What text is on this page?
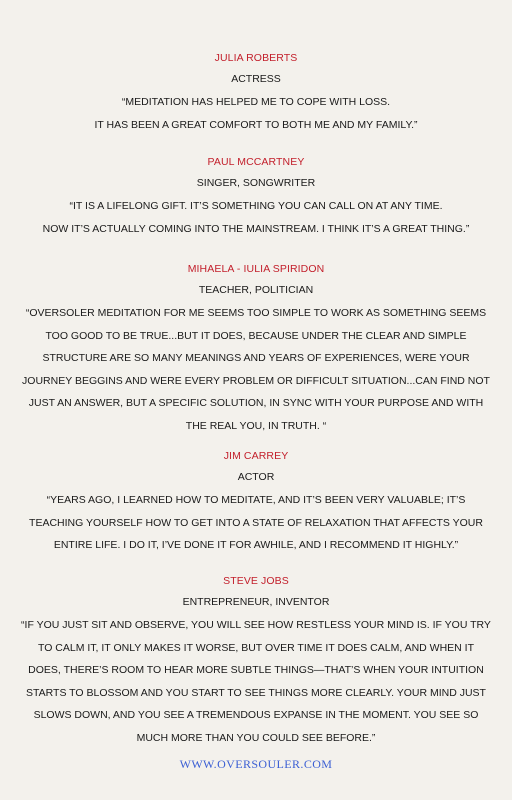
JULIA ROBERTS
ACTRESS
“MEDITATION HAS HELPED ME TO COPE WITH LOSS.
IT HAS BEEN A GREAT COMFORT TO BOTH ME AND MY FAMILY.”
PAUL MCCARTNEY
SINGER, SONGWRITER
“IT IS A LIFELONG GIFT. IT’S SOMETHING YOU CAN CALL ON AT ANY TIME.
NOW IT’S ACTUALLY COMING INTO THE MAINSTREAM. I THINK IT’S A GREAT THING.”
MIHAELA - IULIA SPIRIDON
TEACHER, POLITICIAN
“OVERSOLER MEDITATION FOR ME SEEMS TOO SIMPLE TO WORK AS SOMETHING SEEMS
TOO GOOD TO BE TRUE...BUT IT DOES, BECAUSE UNDER THE CLEAR AND SIMPLE
STRUCTURE ARE SO MANY MEANINGS AND YEARS OF EXPERIENCES, WERE YOUR
JOURNEY BEGGINS AND WERE EVERY PROBLEM OR DIFFICULT SITUATION...CAN FIND NOT
JUST AN ANSWER, BUT A SPECIFIC SOLUTION, IN SYNC WITH YOUR PURPOSE AND WITH
THE REAL YOU, IN TRUTH. “
JIM CARREY
ACTOR
“YEARS AGO, I LEARNED HOW TO MEDITATE, AND IT’S BEEN VERY VALUABLE; IT’S
TEACHING YOURSELF HOW TO GET INTO A STATE OF RELAXATION THAT AFFECTS YOUR
ENTIRE LIFE. I DO IT, I’VE DONE IT FOR AWHILE, AND I RECOMMEND IT HIGHLY.”
STEVE JOBS
ENTREPRENEUR, INVENTOR
“IF YOU JUST SIT AND OBSERVE, YOU WILL SEE HOW RESTLESS YOUR MIND IS. IF YOU TRY
TO CALM IT, IT ONLY MAKES IT WORSE, BUT OVER TIME IT DOES CALM, AND WHEN IT
DOES, THERE’S ROOM TO HEAR MORE SUBTLE THINGS—THAT’S WHEN YOUR INTUITION
STARTS TO BLOSSOM AND YOU START TO SEE THINGS MORE CLEARLY. YOUR MIND JUST
SLOWS DOWN, AND YOU SEE A TREMENDOUS EXPANSE IN THE MOMENT. YOU SEE SO
MUCH MORE THAN YOU COULD SEE BEFORE.”
WWW.OVERSOULER.COM
